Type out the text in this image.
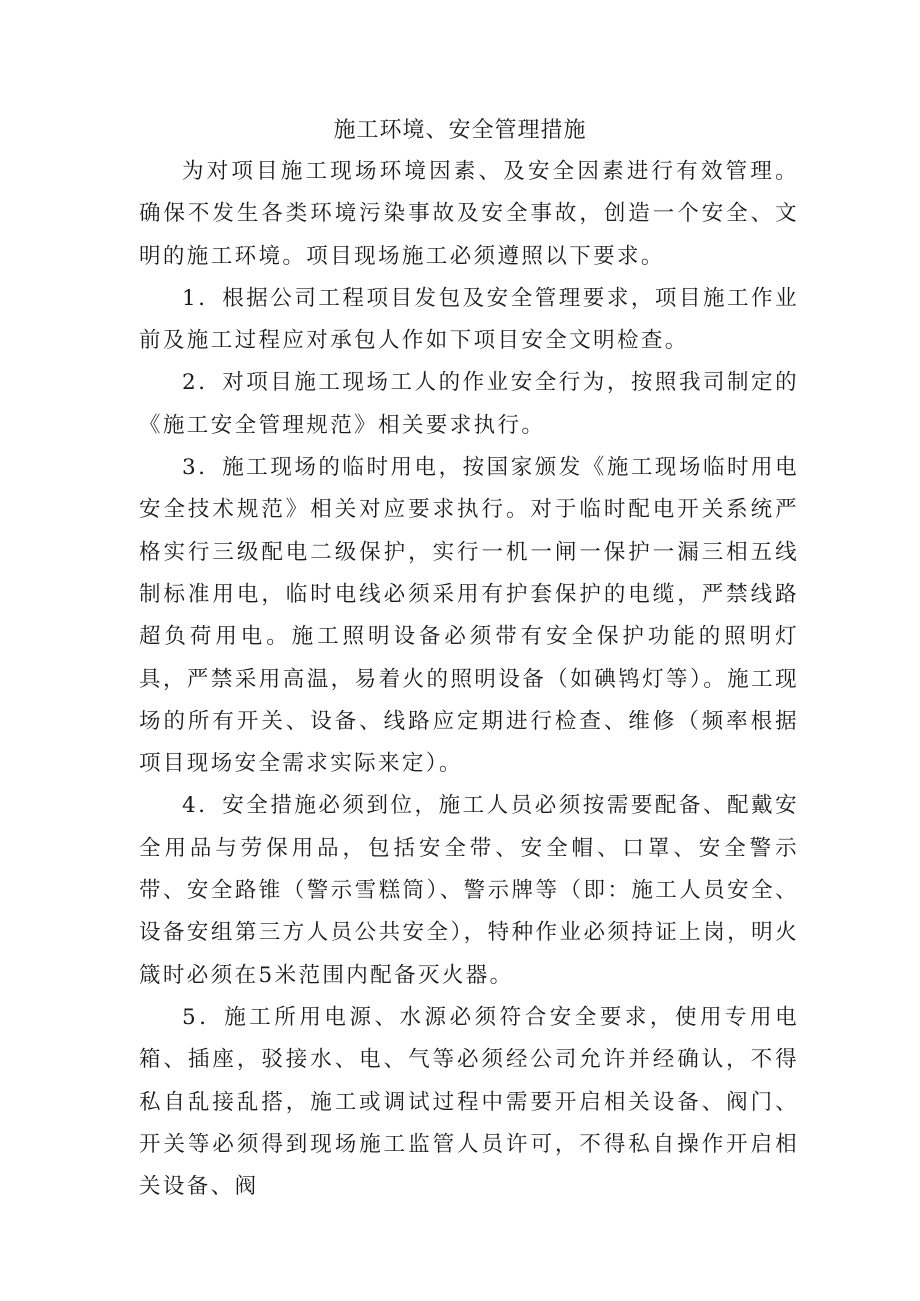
施工环境、安全管理措施

为对项目施工现场环境因素、及安全因素进行有效管理。确保不发生各类环境污染事故及安全事故，创造一个安全、文明的施工环境。项目现场施工必须遵照以下要求。

1．根据公司工程项目发包及安全管理要求，项目施工作业前及施工过程应对承包人作如下项目安全文明检查。

2．对项目施工现场工人的作业安全行为，按照我司制定的《施工安全管理规范》相关要求执行。

3．施工现场的临时用电，按国家颁发《施工现场临时用电安全技术规范》相关对应要求执行。对于临时配电开关系统严格实行三级配电二级保护，实行一机一闸一保护一漏三相五线制标准用电，临时电线必须采用有护套保护的电缆，严禁线路超负荷用电。施工照明设备必须带有安全保护功能的照明灯具，严禁采用高温，易着火的照明设备（如碘鸨灯等）。施工现场的所有开关、设备、线路应定期进行检查、维修（频率根据项目现场安全需求实际来定）。

4．安全措施必须到位，施工人员必须按需要配备、配戴安全用品与劳保用品，包括安全带、安全帽、口罩、安全警示带、安全路锥（警示雪糕筒）、警示牌等（即：施工人员安全、设备安组第三方人员公共安全），特种作业必须持证上岗，明火箴时必须在5米范围内配备灭火器。

5．施工所用电源、水源必须符合安全要求，使用专用电箱、插座，驳接水、电、气等必须经公司允许并经确认，不得私自乱接乱搭，施工或调试过程中需要开启相关设备、阀门、开关等必须得到现场施工监管人员许可，不得私自操作开启相关设备、阀
